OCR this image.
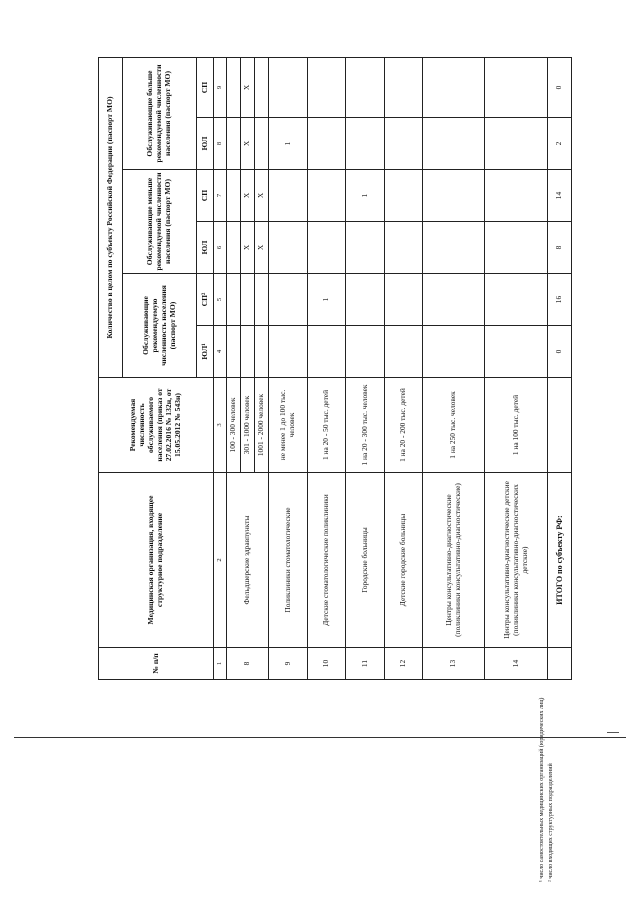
№ п/п	Медицинская организация, входящее структурное подразделение	Рекомендуемая численность обслуживаемого населения (приказ от 27.02.2016 № 132н, от 15.05.2012 № 543н)	Количество в целом по субъекту Российской Федерации (паспорт МО)					
			Обслуживающие рекомендуемую численность населения (паспорт МО)		Обслуживающие меньше рекомендуемой численности населения (паспорт МО)		Обслуживающие больше рекомендуемой численности населения (паспорт МО)	
			ЮЛ¹	СП²	ЮЛ	СП	ЮЛ	СП
1	2	3	4	5	6	7	8	9
8	Фельдшерские здравпункты	100 - 300 человек						
		301 - 1000 человек			X	X	X	X
		1001 - 2000 человек			X	X		
9	Поликлиники стоматологические	не менее 1 до 100 тыс. человек					1	
10	Детские стоматологические поликлиники	1 на 20 - 50 тыс. детей		1				
11	Городские больницы	1 на 20 - 300 тыс. человек				1		
12	Детские городские больницы	1 на 20 - 200 тыс. детей						
13	Центры консультативно-диагностические (поликлиники консультативно-диагностические)	1 на 250 тыс. человек						
14	Центры консультативно-диагностические детские (поликлиники консультативно-диагностических детские)	1 на 100 тыс. детей						
	ИТОГО по субъекту РФ:		0	16	8	14	2	0
¹ число самостоятельных медицинских организаций (юридических лиц) ² число входящих структурных подразделений
